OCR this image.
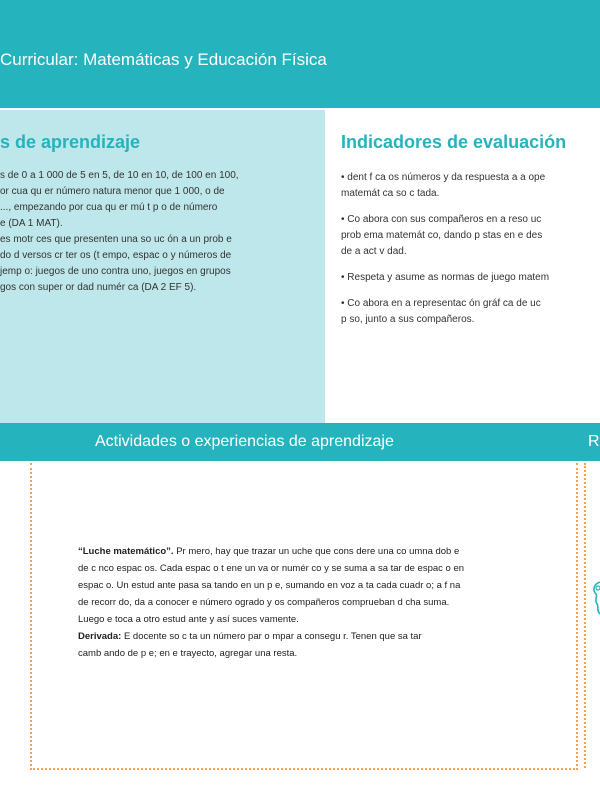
Curricular: Matemáticas y Educación Física
s de aprendizaje
s de 0 a 1 000 de 5 en 5, de 10 en 10, de 100 en 100,
or cua qu er número natura menor que 1 000, o de
..., empezando por cua qu er mú t p o de número
e (DA 1 MAT).
es motr ces que presenten una so uc ón a un prob e
do d versos cr ter os (t empo, espac o y números de
jemp o: juegos de uno contra uno, juegos en grupos
gos con super or dad numér ca (DA 2 EF 5).
Indicadores de evaluación
• dent f ca os números y da respuesta a a ope
matemát ca so c tada.
• Co abora con sus compañeros en a reso uc
prob ema matemát co, dando p stas en e des
de a act v dad.
• Respeta y asume as normas de juego matem
• Co abora en a representac ón gráf ca de uc
p so, junto a sus compañeros.
Actividades o experiencias de aprendizaje	R
“Luche matemático”. Pr mero, hay que trazar un uche que cons dere una co umna dob e
de c nco espac os. Cada espac o t ene un va or numér co y se suma a sa tar de espac o en
espac o. Un estud ante pasa sa tando en un p e, sumando en voz a ta cada cuadr o; a f na
de recorr do, da a conocer e número ogrado y os compañeros comprueban d cha suma.
Luego e toca a otro estud ante y así suces vamente.
Derivada: E docente so c ta un número par o mpar a consegu r. Tenen que sa tar
camb ando de p e; en e trayecto, agregar una resta.
